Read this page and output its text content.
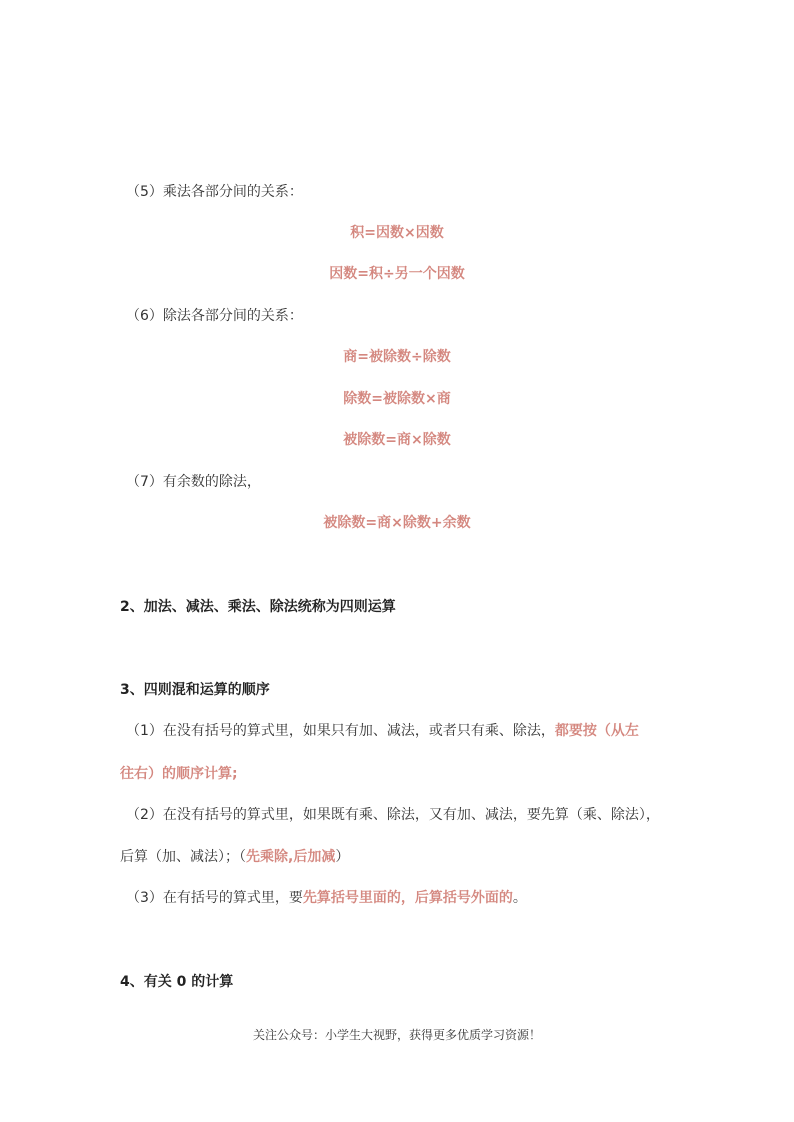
（5）乘法各部分间的关系：
积=因数×因数
因数=积÷另一个因数
（6）除法各部分间的关系：
商=被除数÷除数
除数=被除数×商
被除数=商×除数
（7）有余数的除法，
被除数=商×除数+余数
2、加法、减法、乘法、除法统称为四则运算
3、四则混和运算的顺序
（1）在没有括号的算式里，如果只有加、减法，或者只有乘、除法，都要按（从左
往右）的顺序计算;
（2）在没有括号的算式里，如果既有乘、除法，又有加、减法，要先算（乘、除法），
后算（加、减法）；（先乘除,后加减）
（3）在有括号的算式里，要先算括号里面的，后算括号外面的。
4、有关 0 的计算
关注公众号：小学生大视野，获得更多优质学习资源！
